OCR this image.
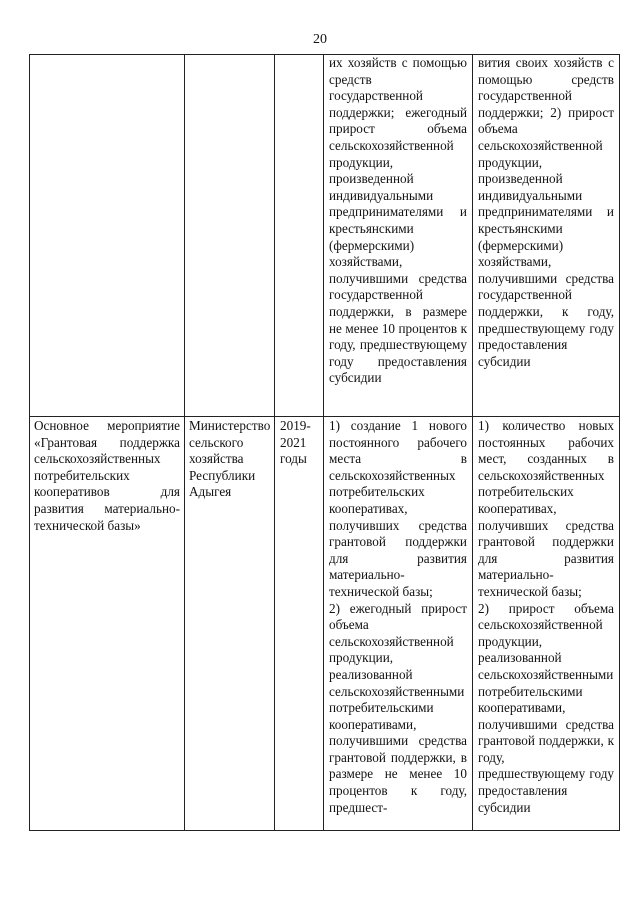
20

их хозяйств с помощью средств государственной поддержки; ежегодный прирост объема сельскохозяйственной продукции, произведенной индивидуальными предпринимателями и крестьянскими (фермерскими) хозяйствами, получившими средства государственной поддержки, в размере не менее 10 процентов к году, предшествующему году предоставления субсидии

вития своих хозяйств с помощью средств государственной поддержки; 2) прирост объема сельскохозяйственной продукции, произведенной индивидуальными предпринимателями и крестьянскими (фермерскими) хозяйствами, получившими средства государственной поддержки, к году, предшествующему году предоставления субсидии

Основное мероприятие «Грантовая поддержка сельскохозяйственных потребительских кооперативов для развития материально-технической базы»

Министерство сельского хозяйства Республики Адыгея

2019-2021 годы

1) создание 1 нового постоянного рабочего места в сельскохозяйственных потребительских кооперативах, получивших средства грантовой поддержки для развития материально-технической базы;

2) ежегодный прирост объема сельскохозяйственной продукции, реализованной сельскохозяйственными потребительскими кооперативами, получившими средства грантовой поддержки, в размере не менее 10 процентов к году, предшест-

1) количество новых постоянных рабочих мест, созданных в сельскохозяйственных потребительских кооперативах, получивших средства грантовой поддержки для развития материально-технической базы;

2) прирост объема сельскохозяйственной продукции, реализованной сельскохозяйственными потребительскими кооперативами, получившими средства грантовой поддержки, к году, предшествующему году предоставления субсидии
